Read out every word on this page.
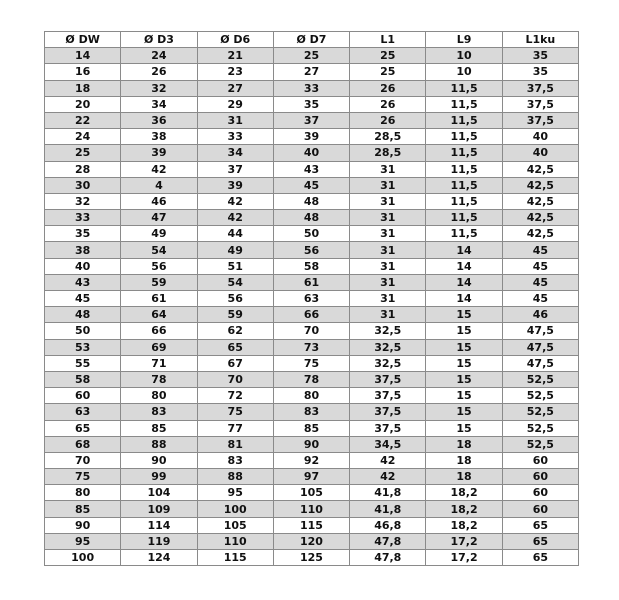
Ø DW	Ø D3	Ø D6	Ø D7	L1	L9	L1ku
14	24	21	25	25	10	35
16	26	23	27	25	10	35
18	32	27	33	26	11,5	37,5
20	34	29	35	26	11,5	37,5
22	36	31	37	26	11,5	37,5
24	38	33	39	28,5	11,5	40
25	39	34	40	28,5	11,5	40
28	42	37	43	31	11,5	42,5
30	4	39	45	31	11,5	42,5
32	46	42	48	31	11,5	42,5
33	47	42	48	31	11,5	42,5
35	49	44	50	31	11,5	42,5
38	54	49	56	31	14	45
40	56	51	58	31	14	45
43	59	54	61	31	14	45
45	61	56	63	31	14	45
48	64	59	66	31	15	46
50	66	62	70	32,5	15	47,5
53	69	65	73	32,5	15	47,5
55	71	67	75	32,5	15	47,5
58	78	70	78	37,5	15	52,5
60	80	72	80	37,5	15	52,5
63	83	75	83	37,5	15	52,5
65	85	77	85	37,5	15	52,5
68	88	81	90	34,5	18	52,5
70	90	83	92	42	18	60
75	99	88	97	42	18	60
80	104	95	105	41,8	18,2	60
85	109	100	110	41,8	18,2	60
90	114	105	115	46,8	18,2	65
95	119	110	120	47,8	17,2	65
100	124	115	125	47,8	17,2	65
